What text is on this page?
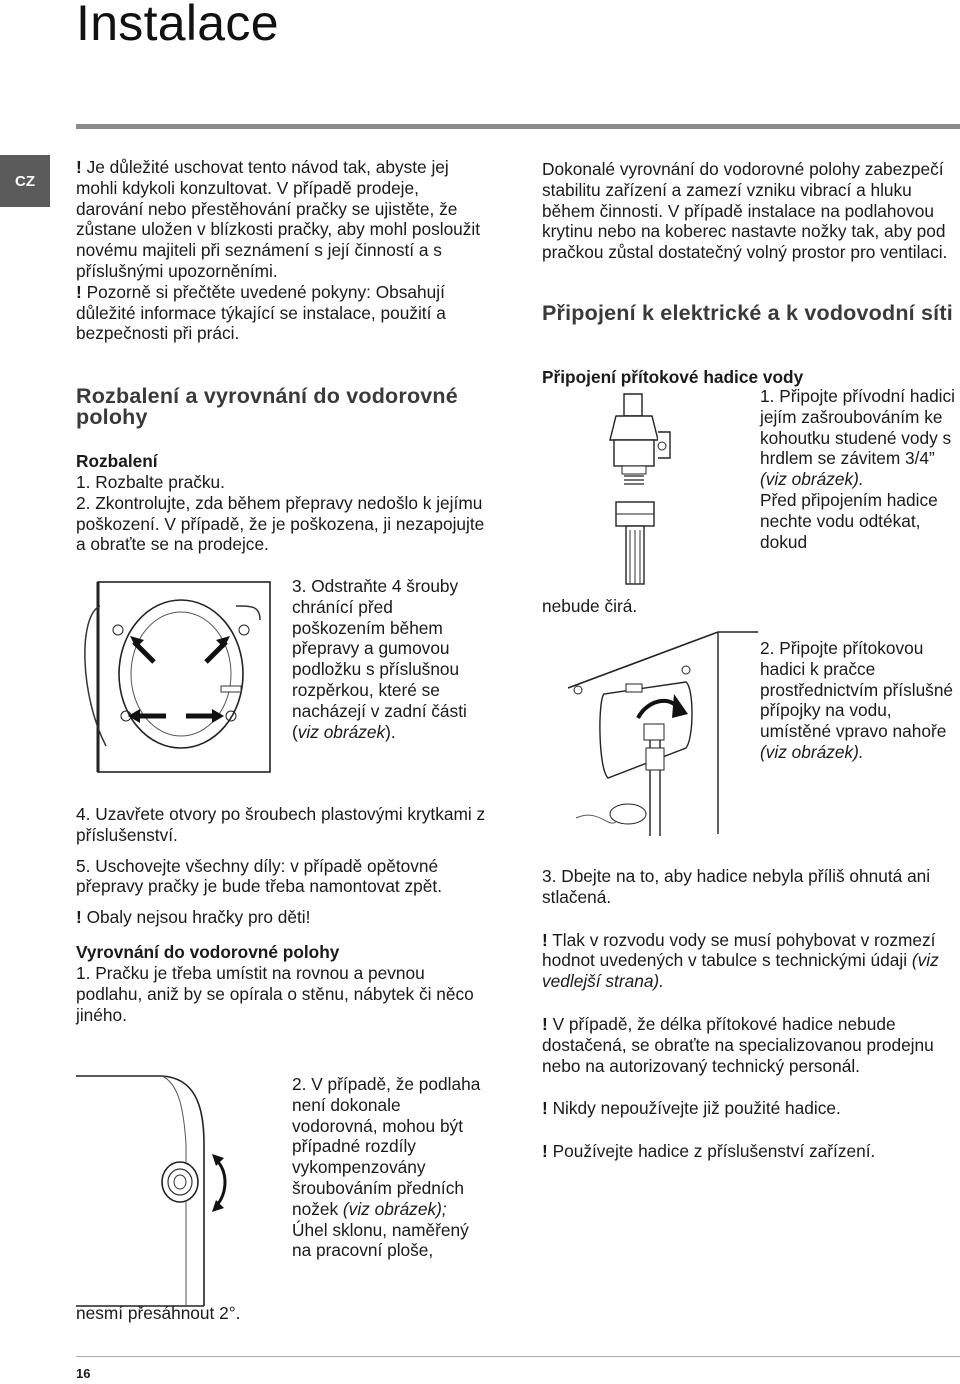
Instalace
CZ

! Je důležité uschovat tento návod tak, abyste jej mohli kdykoli konzultovat. V případě prodeje, darování nebo přestěhování pračky se ujistěte, že zůstane uložen v blízkosti pračky, aby mohl posloužit novému majiteli při seznámení s její činností a s příslušnými upozorněními.

! Pozorně si přečtěte uvedené pokyny: Obsahují důležité informace týkající se instalace, použití a bezpečnosti při práci.

Rozbalení a vyrovnání do vodorovné polohy

Rozbalení

1. Rozbalte pračku.

2. Zkontrolujte, zda během přepravy nedošlo k jejímu poškození. V případě, že je poškozena, ji nezapojujte a obraťte se na prodejce.

3. Odstraňte 4 šrouby chránící před poškozením během přepravy a gumovou podložku s příslušnou rozpěrkou, které se nacházejí v zadní části (viz obrázek).

4. Uzavřete otvory po šroubech plastovými krytkami z příslušenství.

5. Uschovejte všechny díly: v případě opětovné přepravy pračky je bude třeba namontovat zpět.

! Obaly nejsou hračky pro děti!

Vyrovnání do vodorovné polohy

1. Pračku je třeba umístit na rovnou a pevnou podlahu, aniž by se opírala o stěnu, nábytek či něco jiného.

2. V případě, že podlaha není dokonale vodorovná, mohou být případné rozdíly vykompenzovány šroubováním předních nožek (viz obrázek); Úhel sklonu, naměřený na pracovní ploše,

nesmí přesáhnout 2°.
Dokonalé vyrovnání do vodorovné polohy zabezpečí stabilitu zařízení a zamezí vzniku vibrací a hluku během činnosti. V případě instalace na podlahovou krytinu nebo na koberec nastavte nožky tak, aby pod pračkou zůstal dostatečný volný prostor pro ventilaci.
Připojení k elektrické a k vodovodní síti
Připojení přítokové hadice vody

1. Připojte přívodní hadici jejím zašroubováním ke kohoutku studené vody s hrdlem se závitem 3/4” (viz obrázek).

Před připojením hadice nechte vodu odtékat, dokud

nebude čirá.

2. Připojte přítokovou hadici k pračce prostřednictvím příslušné přípojky na vodu, umístěné vpravo nahoře (viz obrázek).

3. Dbejte na to, aby hadice nebyla příliš ohnutá ani stlačená.

! Tlak v rozvodu vody se musí pohybovat v rozmezí hodnot uvedených v tabulce s technickými údaji (viz vedlejší strana).

! V případě, že délka přítokové hadice nebude dostačená, se obraťte na specializovanou prodejnu nebo na autorizovaný technický personál.

! Nikdy nepoužívejte již použité hadice.

! Používejte hadice z příslušenství zařízení.

16
